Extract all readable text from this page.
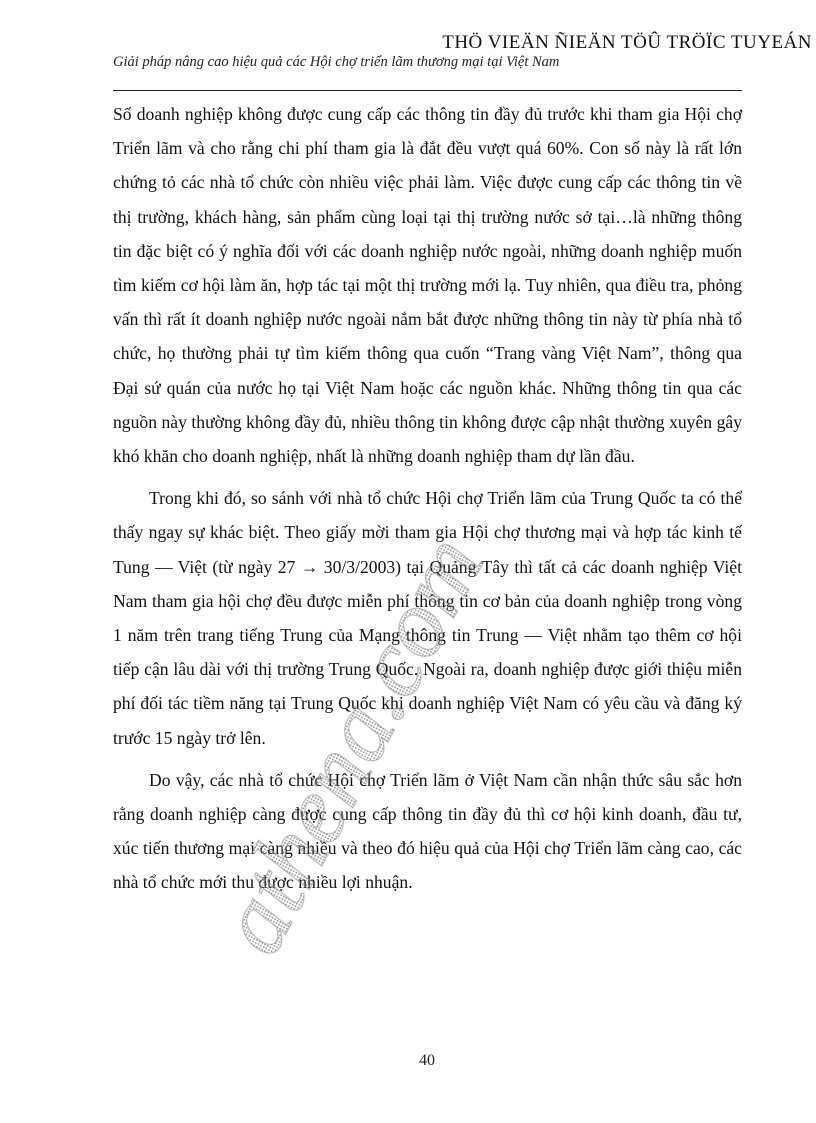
THÖ VIEÄN ÑIEÄN TÖÛ TRÖÏC TUYEÁN
Giải pháp nâng cao hiệu quả các Hội chợ triển lãm thương mại tại Việt Nam

Số doanh nghiệp không được cung cấp các thông tin đầy đủ trước khi tham gia Hội chợ Triển lãm và cho rằng chi phí tham gia là đắt đều vượt quá 60%. Con số này là rất lớn chứng tỏ các nhà tổ chức còn nhiều việc phải làm. Việc được cung cấp các thông tin về thị trường, khách hàng, sản phẩm cùng loại tại thị trường nước sở tại…là những thông tin đặc biệt có ý nghĩa đối với các doanh nghiệp nước ngoài, những doanh nghiệp muốn tìm kiếm cơ hội làm ăn, hợp tác tại một thị trường mới lạ. Tuy nhiên, qua điều tra, phỏng vấn thì rất ít doanh nghiệp nước ngoài nắm bắt được những thông tin này từ phía nhà tổ chức, họ thường phải tự tìm kiếm thông qua cuốn “Trang vàng Việt Nam”, thông qua Đại sứ quán của nước họ tại Việt Nam hoặc các nguồn khác. Những thông tin qua các nguồn này thường không đầy đủ, nhiều thông tin không được cập nhật thường xuyên gây khó khăn cho doanh nghiệp, nhất là những doanh nghiệp tham dự lần đầu.

Trong khi đó, so sánh với nhà tổ chức Hội chợ Triển lãm của Trung Quốc ta có thể thấy ngay sự khác biệt. Theo giấy mời tham gia Hội chợ thương mại và hợp tác kinh tế Tung — Việt (từ ngày 27 → 30/3/2003) tại Quảng Tây thì tất cả các doanh nghiệp Việt Nam tham gia hội chợ đều được miễn phí thông tin cơ bản của doanh nghiệp trong vòng 1 năm trên trang tiếng Trung của Mạng thông tin Trung — Việt nhằm tạo thêm cơ hội tiếp cận lâu dài với thị trường Trung Quốc. Ngoài ra, doanh nghiệp được giới thiệu miễn phí đối tác tiềm năng tại Trung Quốc khi doanh nghiệp Việt Nam có yêu cầu và đăng ký trước 15 ngày trở lên.

Do vậy, các nhà tổ chức Hội chợ Triển lãm ở Việt Nam cần nhận thức sâu sắc hơn rằng doanh nghiệp càng được cung cấp thông tin đầy đủ thì cơ hội kinh doanh, đầu tư, xúc tiến thương mại càng nhiều và theo đó hiệu quả của Hội chợ Triển lãm càng cao, các nhà tổ chức mới thu được nhiều lợi nhuận.

athena.com
40
